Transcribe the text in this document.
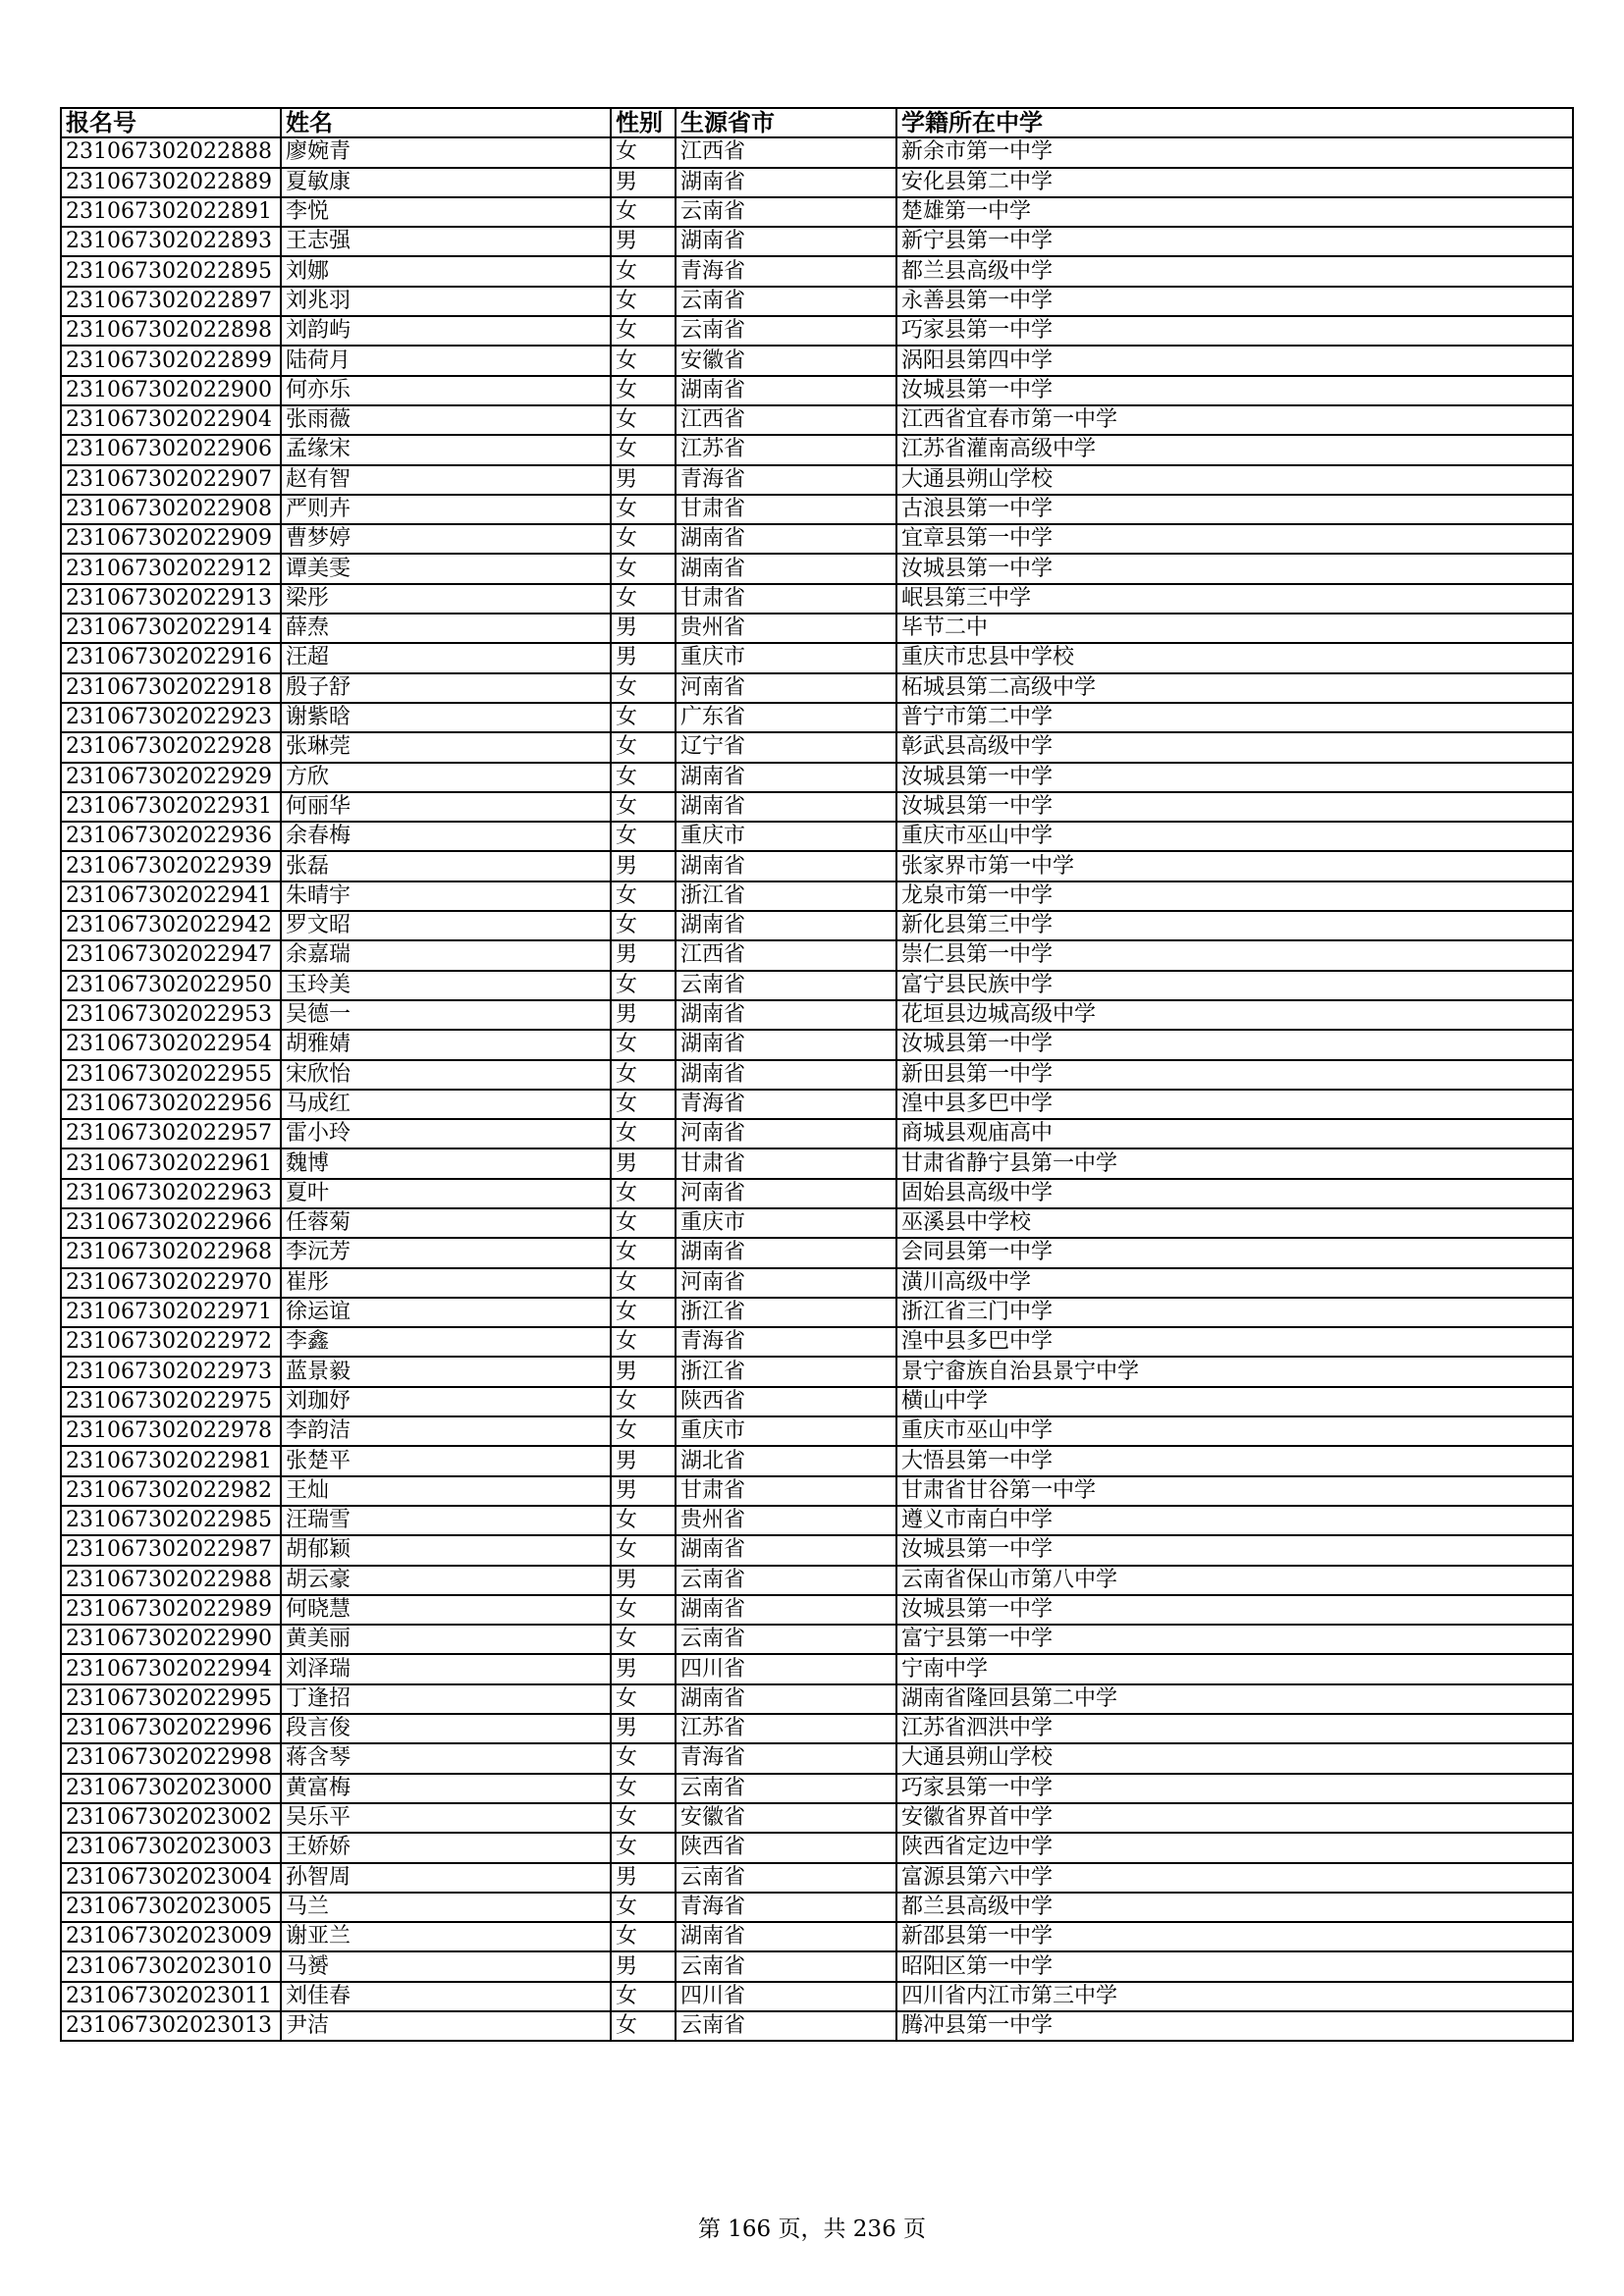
报名号	姓名	性别	生源省市	学籍所在中学
231067302022888	廖婉青	女	江西省	新余市第一中学
231067302022889	夏敏康	男	湖南省	安化县第二中学
231067302022891	李悦	女	云南省	楚雄第一中学
231067302022893	王志强	男	湖南省	新宁县第一中学
231067302022895	刘娜	女	青海省	都兰县高级中学
231067302022897	刘兆羽	女	云南省	永善县第一中学
231067302022898	刘韵屿	女	云南省	巧家县第一中学
231067302022899	陆荷月	女	安徽省	涡阳县第四中学
231067302022900	何亦乐	女	湖南省	汝城县第一中学
231067302022904	张雨薇	女	江西省	江西省宜春市第一中学
231067302022906	孟缘宋	女	江苏省	江苏省灌南高级中学
231067302022907	赵有智	男	青海省	大通县朔山学校
231067302022908	严则卉	女	甘肃省	古浪县第一中学
231067302022909	曹梦婷	女	湖南省	宜章县第一中学
231067302022912	谭美雯	女	湖南省	汝城县第一中学
231067302022913	梁彤	女	甘肃省	岷县第三中学
231067302022914	薛焘	男	贵州省	毕节二中
231067302022916	汪超	男	重庆市	重庆市忠县中学校
231067302022918	殷子舒	女	河南省	柘城县第二高级中学
231067302022923	谢紫晗	女	广东省	普宁市第二中学
231067302022928	张琳莞	女	辽宁省	彰武县高级中学
231067302022929	方欣	女	湖南省	汝城县第一中学
231067302022931	何丽华	女	湖南省	汝城县第一中学
231067302022936	余春梅	女	重庆市	重庆市巫山中学
231067302022939	张磊	男	湖南省	张家界市第一中学
231067302022941	朱晴宇	女	浙江省	龙泉市第一中学
231067302022942	罗文昭	女	湖南省	新化县第三中学
231067302022947	余嘉瑞	男	江西省	崇仁县第一中学
231067302022950	玉玲美	女	云南省	富宁县民族中学
231067302022953	吴德一	男	湖南省	花垣县边城高级中学
231067302022954	胡雅婧	女	湖南省	汝城县第一中学
231067302022955	宋欣怡	女	湖南省	新田县第一中学
231067302022956	马成红	女	青海省	湟中县多巴中学
231067302022957	雷小玲	女	河南省	商城县观庙高中
231067302022961	魏博	男	甘肃省	甘肃省静宁县第一中学
231067302022963	夏叶	女	河南省	固始县高级中学
231067302022966	任蓉菊	女	重庆市	巫溪县中学校
231067302022968	李沅芳	女	湖南省	会同县第一中学
231067302022970	崔彤	女	河南省	潢川高级中学
231067302022971	徐运谊	女	浙江省	浙江省三门中学
231067302022972	李鑫	女	青海省	湟中县多巴中学
231067302022973	蓝景毅	男	浙江省	景宁畲族自治县景宁中学
231067302022975	刘珈妤	女	陕西省	横山中学
231067302022978	李韵洁	女	重庆市	重庆市巫山中学
231067302022981	张楚平	男	湖北省	大悟县第一中学
231067302022982	王灿	男	甘肃省	甘肃省甘谷第一中学
231067302022985	汪瑞雪	女	贵州省	遵义市南白中学
231067302022987	胡郁颖	女	湖南省	汝城县第一中学
231067302022988	胡云豪	男	云南省	云南省保山市第八中学
231067302022989	何晓慧	女	湖南省	汝城县第一中学
231067302022990	黄美丽	女	云南省	富宁县第一中学
231067302022994	刘泽瑞	男	四川省	宁南中学
231067302022995	丁逢招	女	湖南省	湖南省隆回县第二中学
231067302022996	段言俊	男	江苏省	江苏省泗洪中学
231067302022998	蒋含琴	女	青海省	大通县朔山学校
231067302023000	黄富梅	女	云南省	巧家县第一中学
231067302023002	吴乐平	女	安徽省	安徽省界首中学
231067302023003	王娇娇	女	陕西省	陕西省定边中学
231067302023004	孙智周	男	云南省	富源县第六中学
231067302023005	马兰	女	青海省	都兰县高级中学
231067302023009	谢亚兰	女	湖南省	新邵县第一中学
231067302023010	马赟	男	云南省	昭阳区第一中学
231067302023011	刘佳春	女	四川省	四川省内江市第三中学
231067302023013	尹洁	女	云南省	腾冲县第一中学
第 166 页，共 236 页
